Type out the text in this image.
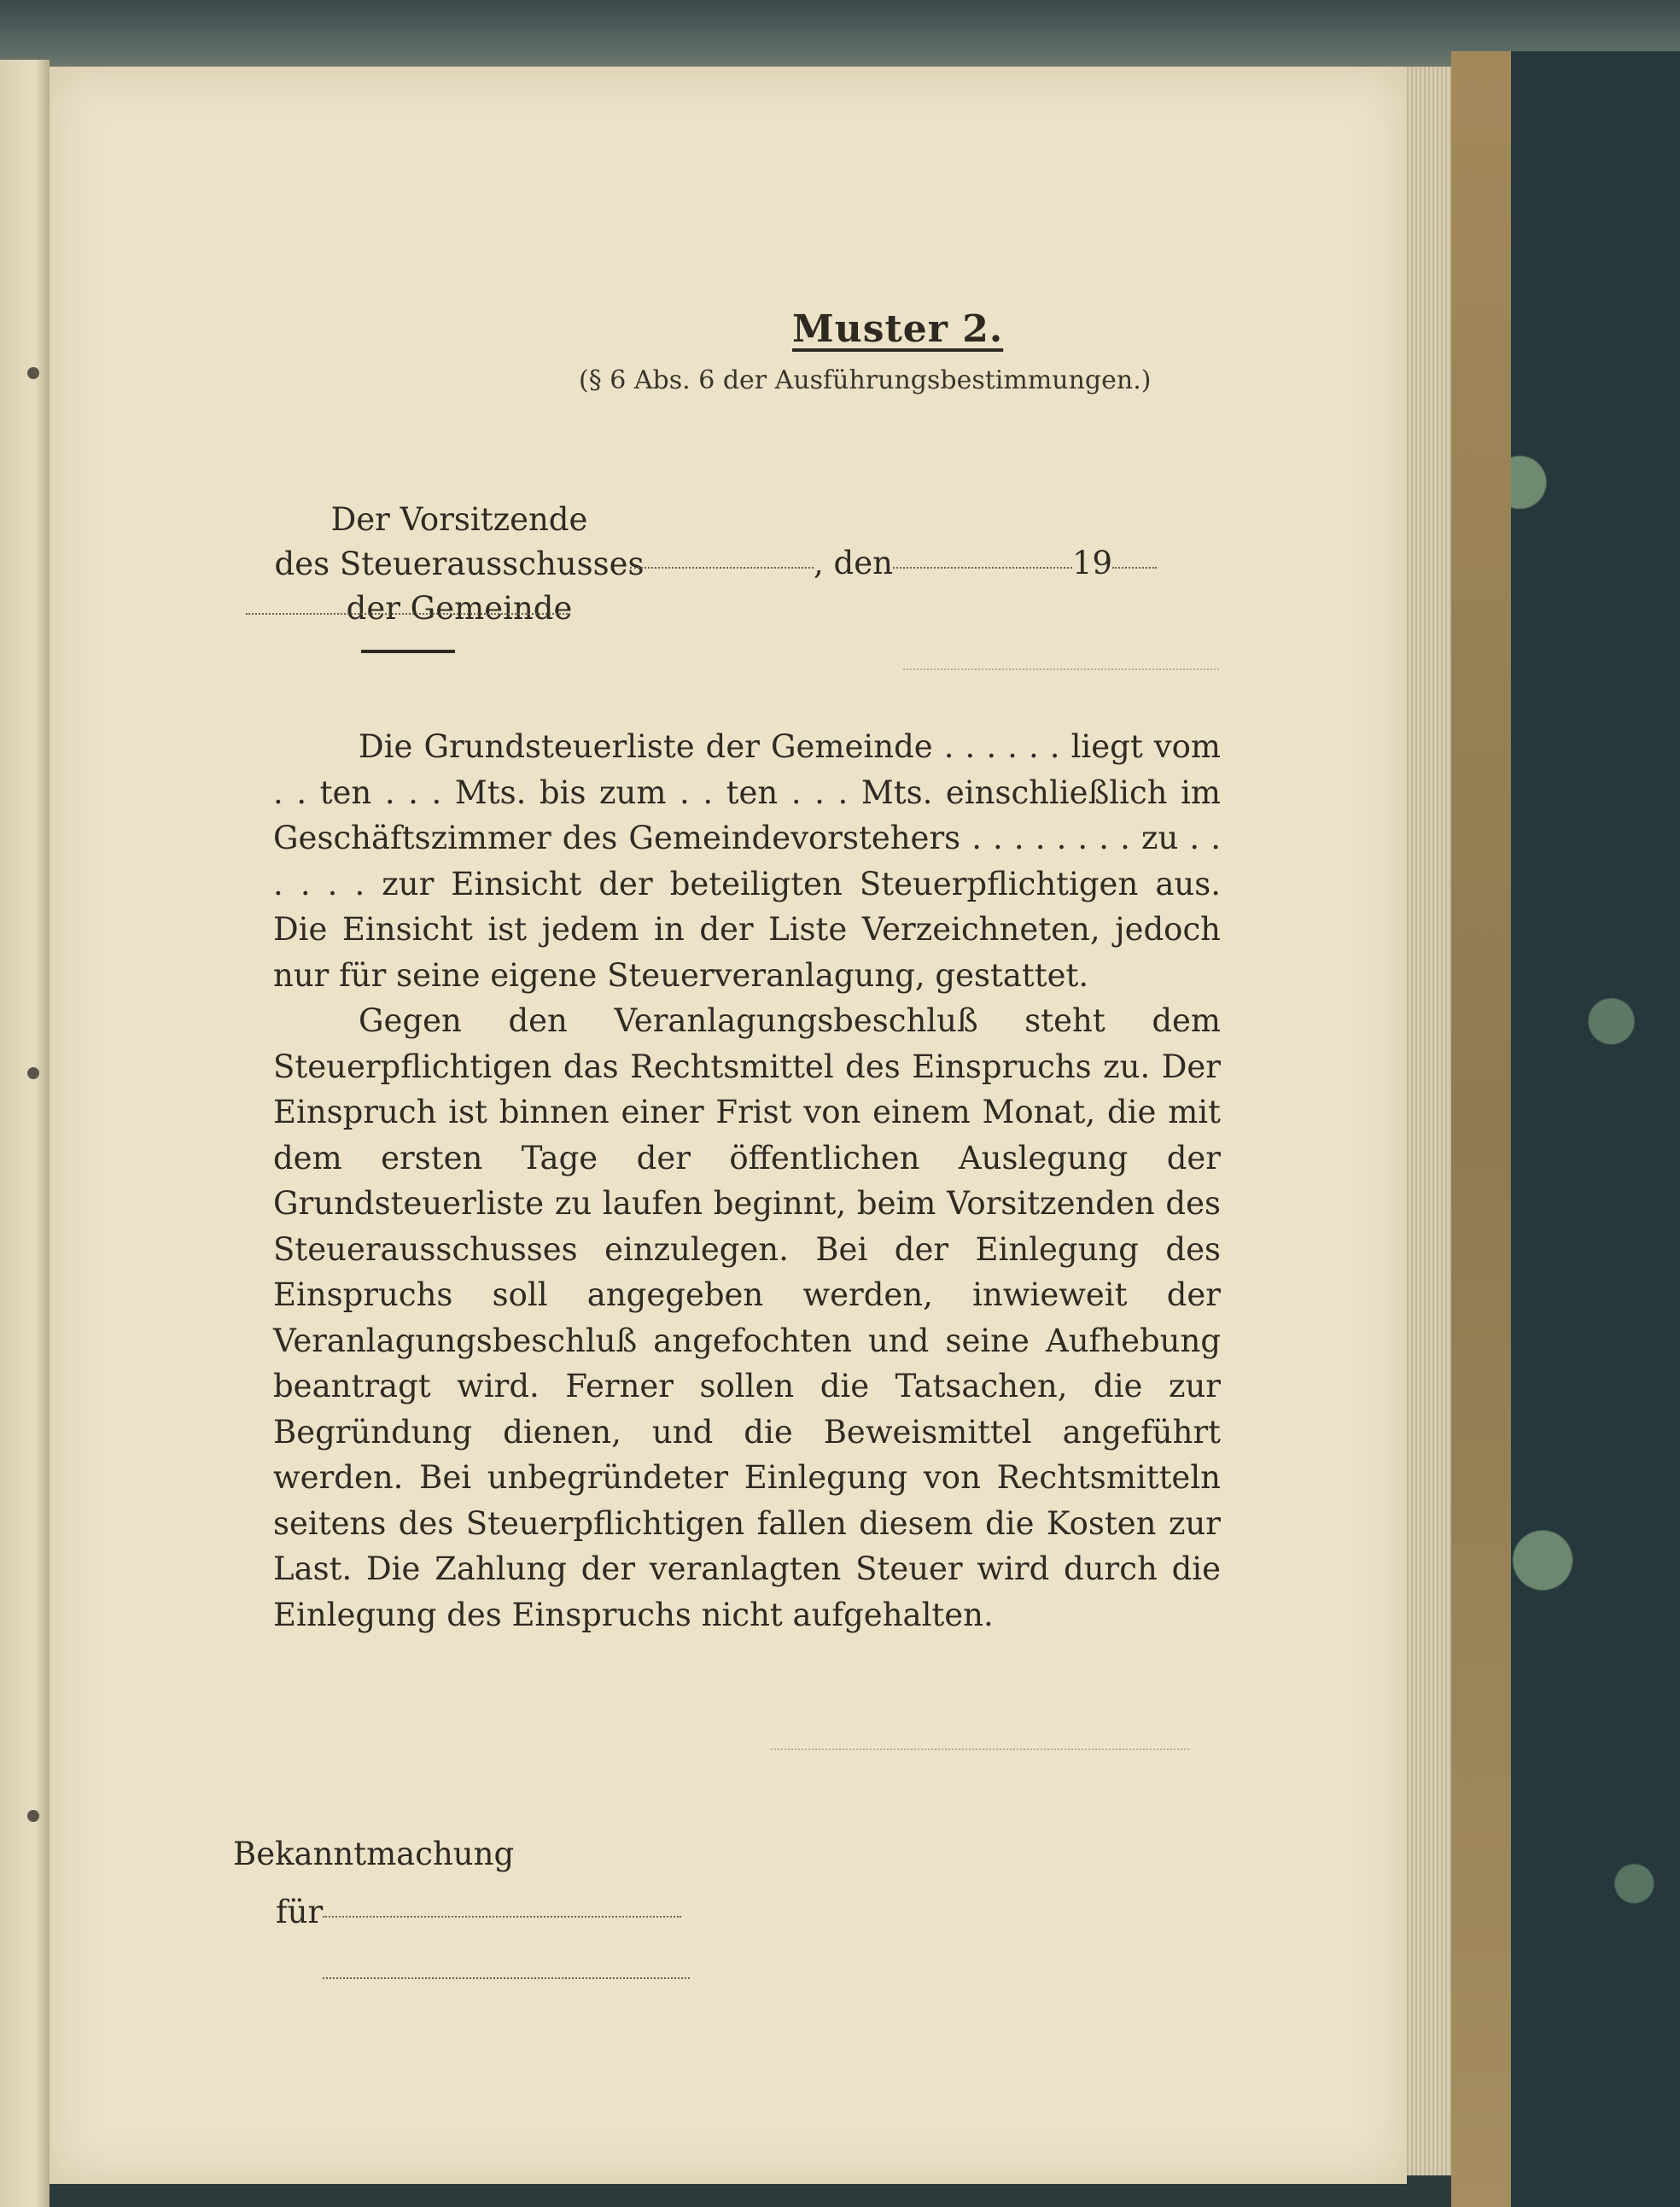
Muster 2.
(§ 6 Abs. 6 der Ausführungsbestimmungen.)
Der Vorsitzende
des Steuerausschusses
der Gemeinde
, den	19

Die Grundsteuerliste der Gemeinde . . . . . . liegt vom . . ten . . . Mts. bis zum . . ten . . . Mts. einschließlich im Geschäftszimmer des Gemeindevorstehers . . . . . . . . zu . . . . . . zur Einsicht der beteiligten Steuerpflichtigen aus. Die Einsicht ist jedem in der Liste Verzeichneten, jedoch nur für seine eigene Steuerveranlagung, gestattet.

Gegen den Veranlagungsbeschluß steht dem Steuerpflichtigen das Rechtsmittel des Einspruchs zu. Der Einspruch ist binnen einer Frist von einem Monat, die mit dem ersten Tage der öffentlichen Auslegung der Grundsteuerliste zu laufen beginnt, beim Vorsitzenden des Steuerausschusses einzulegen. Bei der Einlegung des Einspruchs soll angegeben werden, inwieweit der Veranlagungsbeschluß angefochten und seine Aufhebung beantragt wird. Ferner sollen die Tatsachen, die zur Begründung dienen, und die Beweismittel angeführt werden. Bei unbegründeter Einlegung von Rechtsmitteln seitens des Steuerpflichtigen fallen diesem die Kosten zur Last. Die Zahlung der veranlagten Steuer wird durch die Einlegung des Einspruchs nicht aufgehalten.

Bekanntmachung
für
